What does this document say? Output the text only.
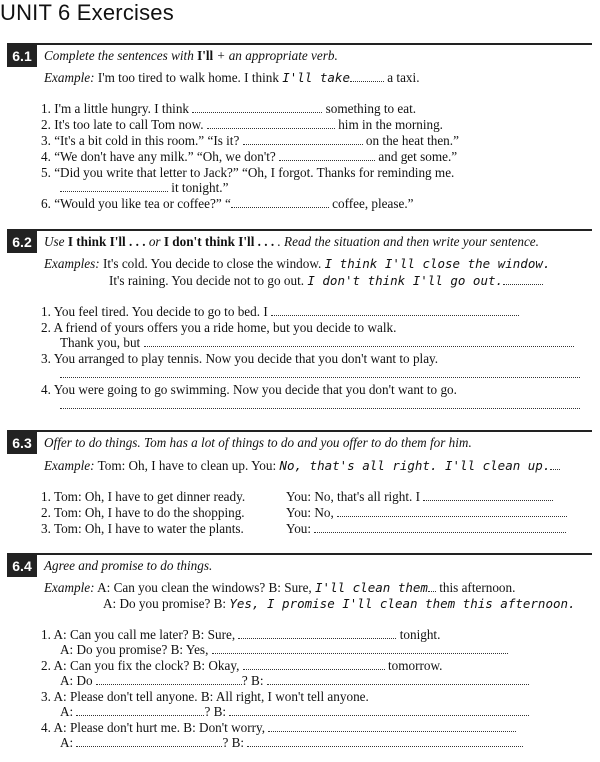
UNIT 6 Exercises
6.1 Complete the sentences with I'll + an appropriate verb.
Example: I'm too tired to walk home. I think I'll take	a taxi.
1. I'm a little hungry. I think	something to eat.
2. It's too late to call Tom now.	him in the morning.
3. “It's a bit cold in this room.” “Is it?	on the heat then.”
4. “We don't have any milk.” “Oh, we don't?	and get some.”
5. “Did you write that letter to Jack?” “Oh, I forgot. Thanks for reminding me.
it tonight.”
6. “Would you like tea or coffee?” “	coffee, please.”
6.2 Use I think I'll . . . or I don't think I'll . . . . Read the situation and then write your sentence.
Examples: It's cold. You decide to close the window. I think I'll close the window.
It's raining. You decide not to go out. I don't think I'll go out.
1. You feel tired. You decide to go to bed. I
2. A friend of yours offers you a ride home, but you decide to walk.
Thank you, but
3. You arranged to play tennis. Now you decide that you don't want to play.
4. You were going to go swimming. Now you decide that you don't want to go.
6.3 Offer to do things. Tom has a lot of things to do and you offer to do them for him.
Example: Tom: Oh, I have to clean up. You: No, that's all right. I'll clean up.
1. Tom: Oh, I have to get dinner ready.	You: No, that's all right. I
2. Tom: Oh, I have to do the shopping.	You: No,
3. Tom: Oh, I have to water the plants.	You:
6.4 Agree and promise to do things.
Example: A: Can you clean the windows? B: Sure, I'll clean them this afternoon.
A: Do you promise? B: Yes, I promise I'll clean them this afternoon.
1. A: Can you call me later? B: Sure,	tonight.
A: Do you promise? B: Yes,
2. A: Can you fix the clock? B: Okay,	tomorrow.
A: Do	? B:
3. A: Please don't tell anyone. B: All right, I won't tell anyone.
A:	? B:
4. A: Please don't hurt me. B: Don't worry,
A:	? B:
